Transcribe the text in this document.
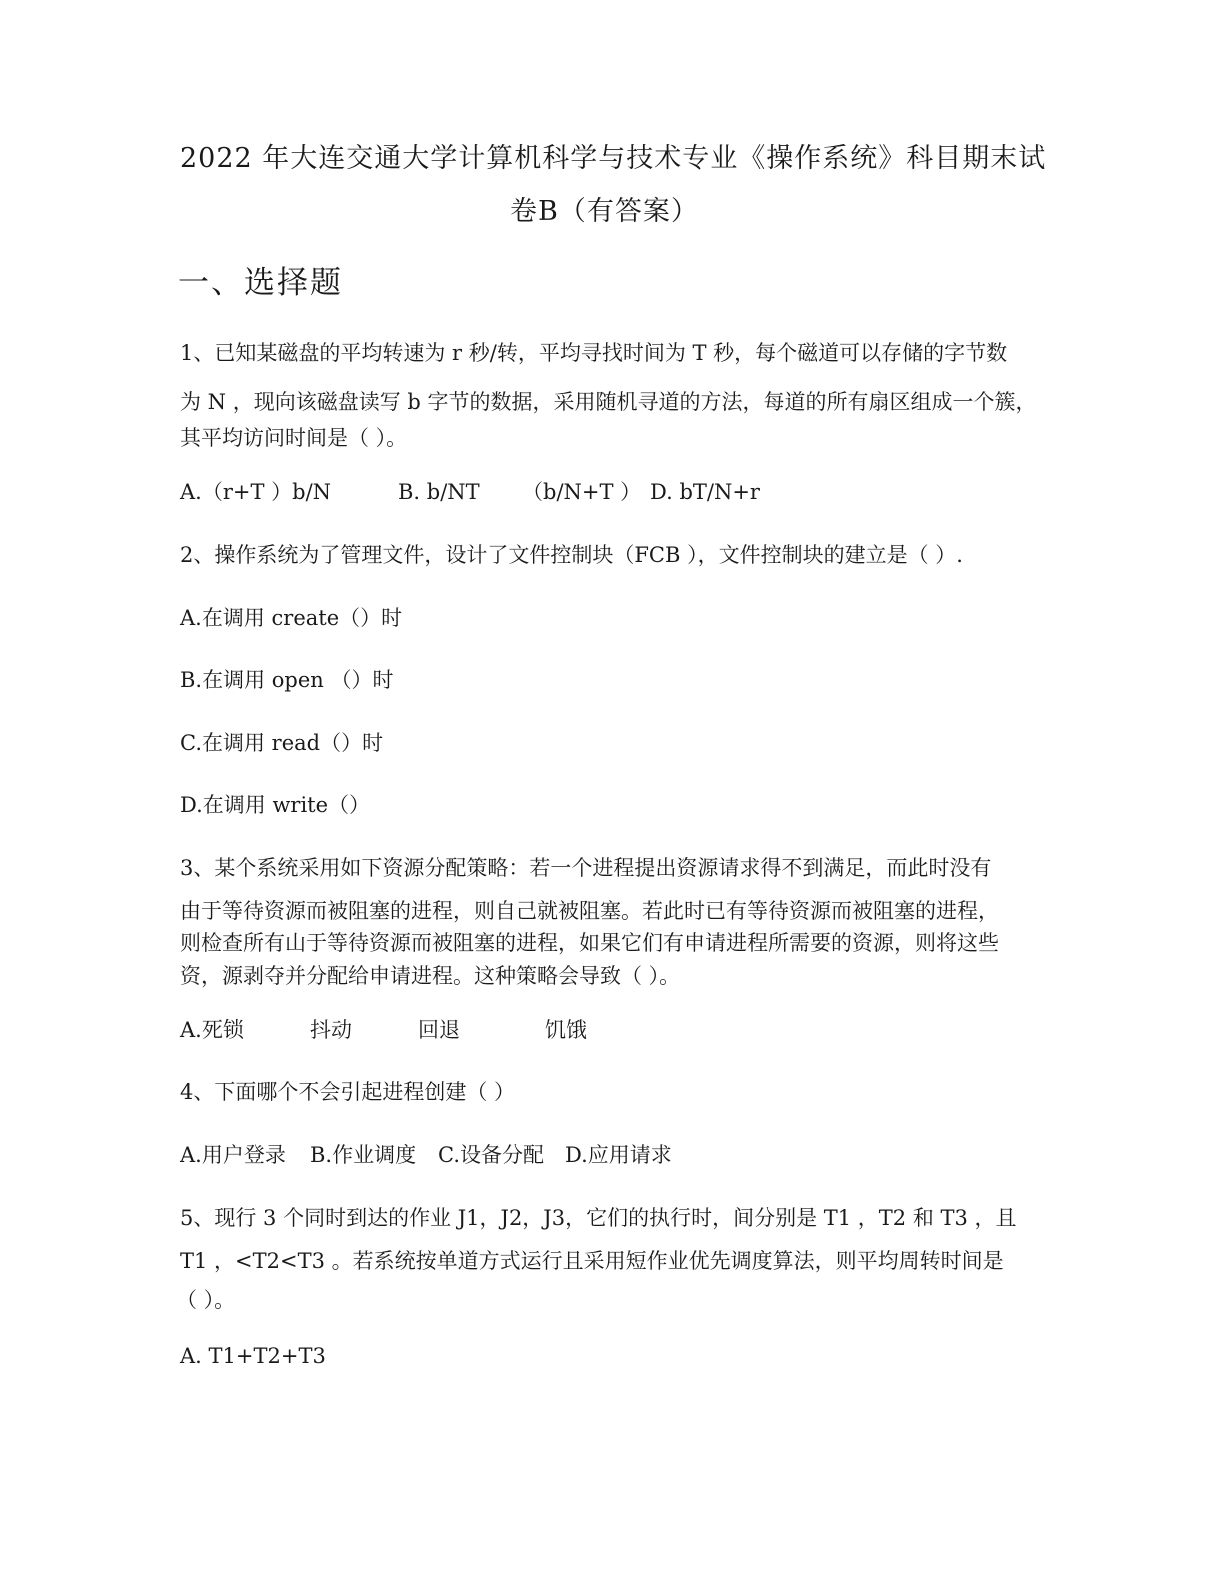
2022 年大连交通大学计算机科学与技术专业《操作系统》科目期末试
卷B（有答案）
一、选择题
1、已知某磁盘的平均转速为 r 秒/转，平均寻找时间为 T 秒，每个磁道可以存储的字节数
为 N ，现向该磁盘读写 b 字节的数据，采用随机寻道的方法，每道的所有扇区组成一个簇，
其平均访问时间是（ ）。
A.（r+T ）b/N	B. b/NT （b/N+T ） D. bT/N+r
2、操作系统为了管理文件，设计了文件控制块（FCB ），文件控制块的建立是（ ）.
A.在调用 create（）时
B.在调用 open （）时
C.在调用 read（）时
D.在调用 write（）
3、某个系统采用如下资源分配策略：若一个进程提出资源请求得不到满足，而此时没有
由于等待资源而被阻塞的进程，则自己就被阻塞。若此时已有等待资源而被阻塞的进程，
则检查所有山于等待资源而被阻塞的进程，如果它们有申请进程所需要的资源，则将这些
资，源剥夺并分配给申请进程。这种策略会导致（ ）。
A.死锁	抖动	回退	饥饿
4、下面哪个不会引起进程创建（ ）
A.用户登录 B.作业调度 C.设备分配 D.应用请求
5、现行 3 个同时到达的作业 J1，J2，J3，它们的执行时，间分别是 T1 ，T2 和 T3 ，且
T1 ，<T2<T3 。若系统按单道方式运行且采用短作业优先调度算法，则平均周转时间是
（ ）。
A. T1+T2+T3
